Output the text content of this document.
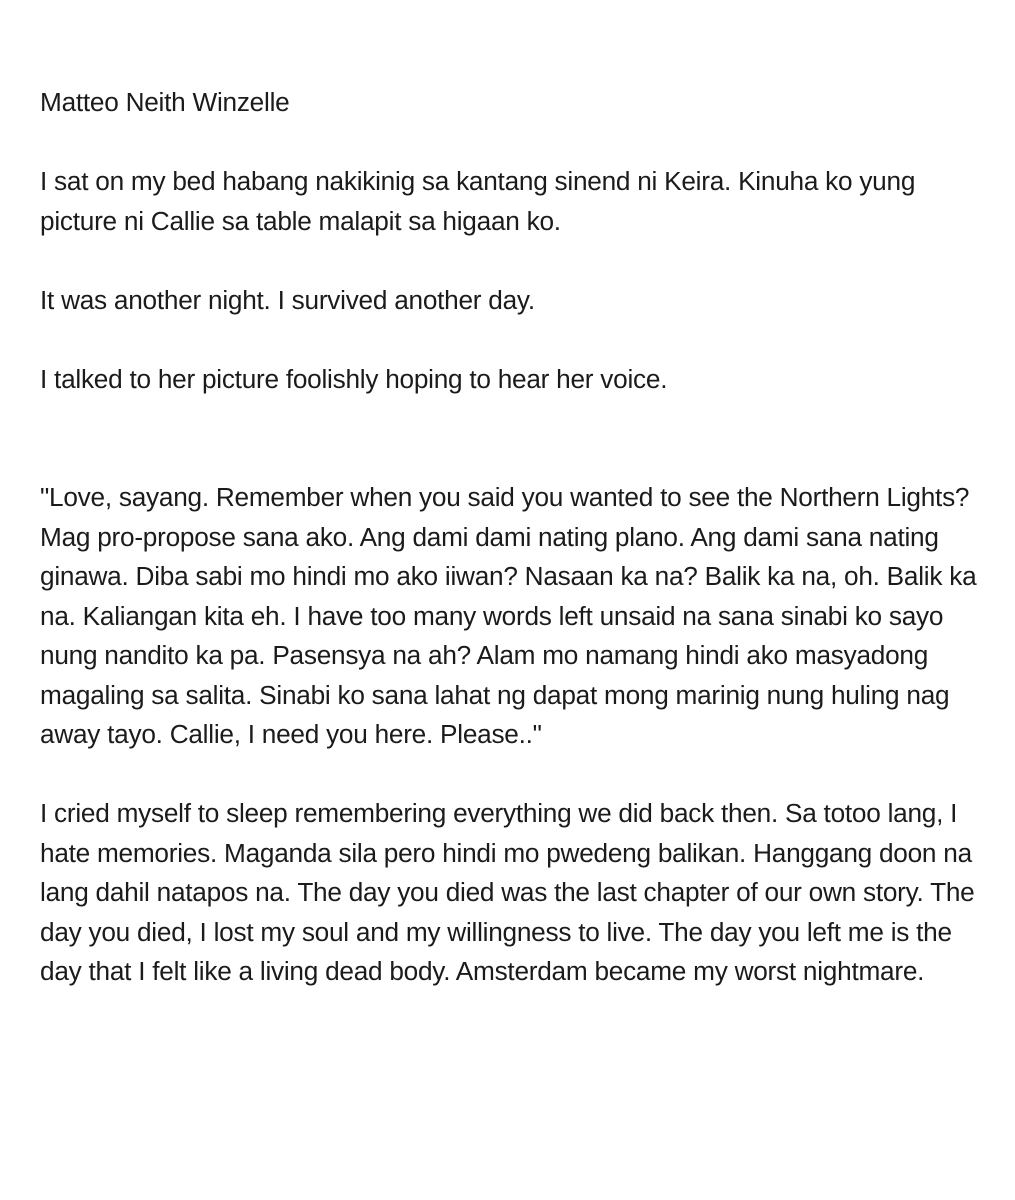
Matteo Neith Winzelle

I sat on my bed habang nakikinig sa kantang sinend ni Keira. Kinuha ko yung picture ni Callie sa table malapit sa higaan ko.

It was another night. I survived another day.

I talked to her picture foolishly hoping to hear her voice.

"Love, sayang. Remember when you said you wanted to see the Northern Lights? Mag pro-propose sana ako. Ang dami dami nating plano. Ang dami sana nating ginawa. Diba sabi mo hindi mo ako iiwan? Nasaan ka na? Balik ka na, oh. Balik ka na. Kaliangan kita eh. I have too many words left unsaid na sana sinabi ko sayo nung nandito ka pa. Pasensya na ah? Alam mo namang hindi ako masyadong magaling sa salita. Sinabi ko sana lahat ng dapat mong marinig nung huling nag away tayo. Callie, I need you here. Please.."

I cried myself to sleep remembering everything we did back then. Sa totoo lang, I hate memories. Maganda sila pero hindi mo pwedeng balikan. Hanggang doon na lang dahil natapos na. The day you died was the last chapter of our own story. The day you died, I lost my soul and my willingness to live. The day you left me is the day that I felt like a living dead body. Amsterdam became my worst nightmare.
